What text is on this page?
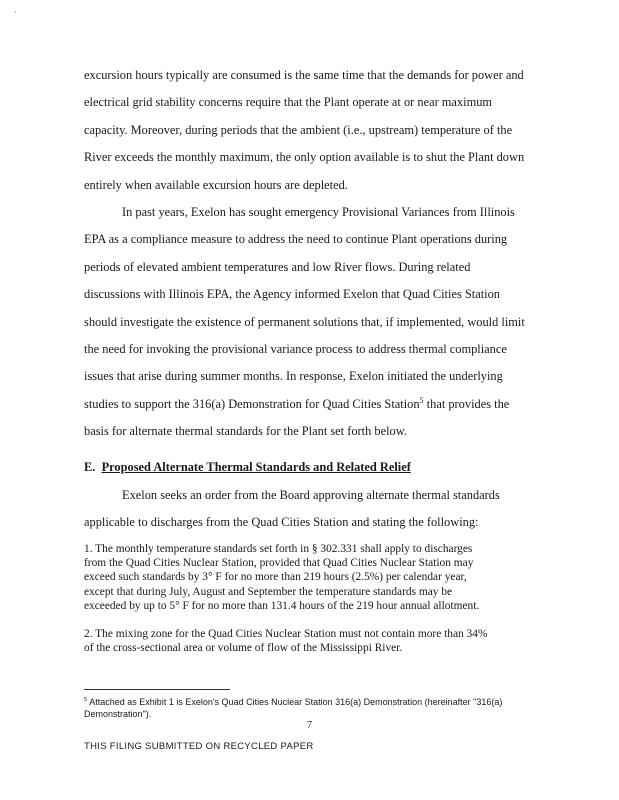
·

excursion hours typically are consumed is the same time that the demands for power and
electrical grid stability concerns require that the Plant operate at or near maximum
capacity. Moreover, during periods that the ambient (i.e., upstream) temperature of the
River exceeds the monthly maximum, the only option available is to shut the Plant down
entirely when available excursion hours are depleted.

In past years, Exelon has sought emergency Provisional Variances from Illinois
EPA as a compliance measure to address the need to continue Plant operations during
periods of elevated ambient temperatures and low River flows. During related
discussions with Illinois EPA, the Agency informed Exelon that Quad Cities Station
should investigate the existence of permanent solutions that, if implemented, would limit
the need for invoking the provisional variance process to address thermal compliance
issues that arise during summer months. In response, Exelon initiated the underlying
studies to support the 316(a) Demonstration for Quad Cities Station$^5$ that provides the
basis for alternate thermal standards for the Plant set forth below.

E. Proposed Alternate Thermal Standards and Related Relief

Exelon seeks an order from the Board approving alternate thermal standards
applicable to discharges from the Quad Cities Station and stating the following:

1. The monthly temperature standards set forth in § 302.331 shall apply to discharges
from the Quad Cities Nuclear Station, provided that Quad Cities Nuclear Station may
exceed such standards by 3° F for no more than 219 hours (2.5%) per calendar year,
except that during July, August and September the temperature standards may be
exceeded by up to 5° F for no more than 131.4 hours of the 219 hour annual allotment.

2. The mixing zone for the Quad Cities Nuclear Station must not contain more than 34%
of the cross-sectional area or volume of flow of the Mississippi River.

$^5$ Attached as Exhibit 1 is Exelon's Quad Cities Nuclear Station 316(a) Demonstration (hereinafter "316(a)
Demonstration").

7
THIS FILING SUBMITTED ON RECYCLED PAPER
